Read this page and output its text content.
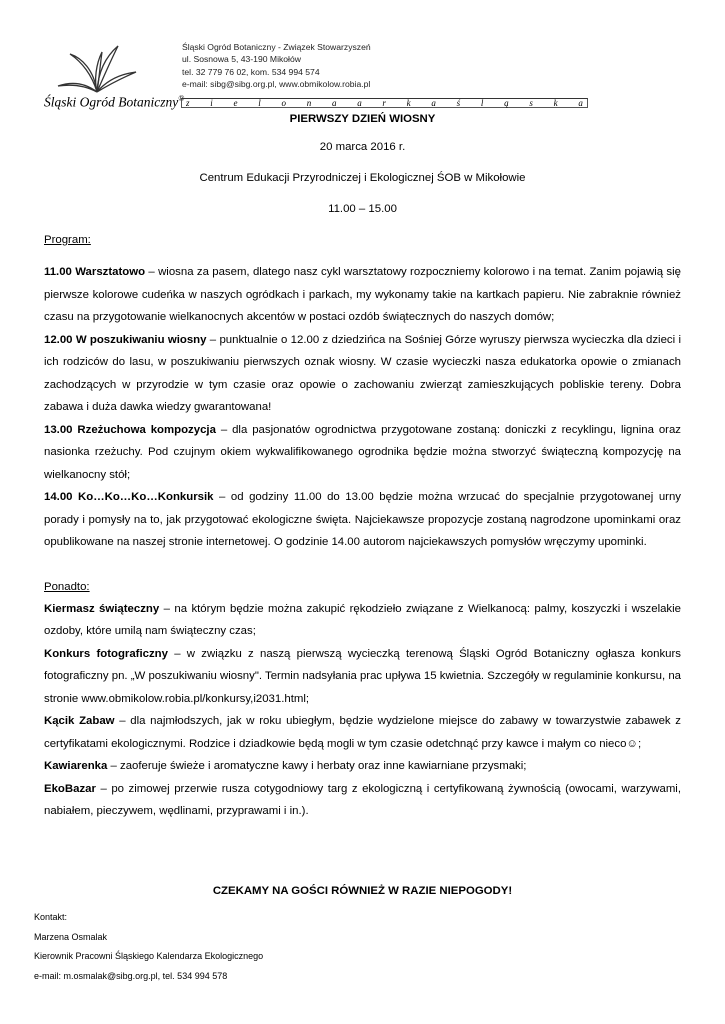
Śląski Ogród Botaniczny®
Śląski Ogród Botaniczny - Związek Stowarzyszeń
ul. Sosnowa 5, 43-190 Mikołów
tel. 32 779 76 02, kom. 534 994 574
e-mail: sibg@sibg.org.pl, www.obmikolow.robia.pl
z i e l o n a a r k a ś l ą s k a

PIERWSZY DZIEŃ WIOSNY

20 marca 2016 r.
Centrum Edukacji Przyrodniczej i Ekologicznej ŚOB w Mikołowie
11.00 – 15.00
Program:

11.00 Warsztatowo – wiosna za pasem, dlatego nasz cykl warsztatowy rozpoczniemy kolorowo i na temat. Zanim pojawią się pierwsze kolorowe cudeńka w naszych ogródkach i parkach, my wykonamy takie na kartkach papieru. Nie zabraknie również czasu na przygotowanie wielkanocnych akcentów w postaci ozdób świątecznych do naszych domów;

12.00 W poszukiwaniu wiosny – punktualnie o 12.00 z dziedzińca na Sośniej Górze wyruszy pierwsza wycieczka dla dzieci i ich rodziców do lasu, w poszukiwaniu pierwszych oznak wiosny. W czasie wycieczki nasza edukatorka opowie o zmianach zachodzących w przyrodzie w tym czasie oraz opowie o zachowaniu zwierząt zamieszkujących pobliskie tereny. Dobra zabawa i duża dawka wiedzy gwarantowana!

13.00 Rzeżuchowa kompozycja – dla pasjonatów ogrodnictwa przygotowane zostaną: doniczki z recyklingu, lignina oraz nasionka rzeżuchy. Pod czujnym okiem wykwalifikowanego ogrodnika będzie można stworzyć świąteczną kompozycję na wielkanocny stół;

14.00 Ko…Ko…Ko…Konkursik – od godziny 11.00 do 13.00 będzie można wrzucać do specjalnie przygotowanej urny porady i pomysły na to, jak przygotować ekologiczne święta. Najciekawsze propozycje zostaną nagrodzone upominkami oraz opublikowane na naszej stronie internetowej. O godzinie 14.00 autorom najciekawszych pomysłów wręczymy upominki.

Ponadto:

Kiermasz świąteczny – na którym będzie można zakupić rękodzieło związane z Wielkanocą: palmy, koszyczki i wszelakie ozdoby, które umilą nam świąteczny czas;

Konkurs fotograficzny – w związku z naszą pierwszą wycieczką terenową Śląski Ogród Botaniczny ogłasza konkurs fotograficzny pn. „W poszukiwaniu wiosny". Termin nadsyłania prac upływa 15 kwietnia. Szczegóły w regulaminie konkursu, na stronie www.obmikolow.robia.pl/konkursy,i2031.html;

Kącik Zabaw – dla najmłodszych, jak w roku ubiegłym, będzie wydzielone miejsce do zabawy w towarzystwie zabawek z certyfikatami ekologicznymi. Rodzice i dziadkowie będą mogli w tym czasie odetchnąć przy kawce i małym co nieco☺;

Kawiarenka – zaoferuje świeże i aromatyczne kawy i herbaty oraz inne kawiarniane przysmaki;

EkoBazar – po zimowej przerwie rusza cotygodniowy targ z ekologiczną i certyfikowaną żywnością (owocami, warzywami, nabiałem, pieczywem, wędlinami, przyprawami i in.).

CZEKAMY NA GOŚCI RÓWNIEŻ W RAZIE NIEPOGODY!
Kontakt:
Marzena Osmalak
Kierownik Pracowni Śląskiego Kalendarza Ekologicznego
e-mail: m.osmalak@sibg.org.pl, tel. 534 994 578
